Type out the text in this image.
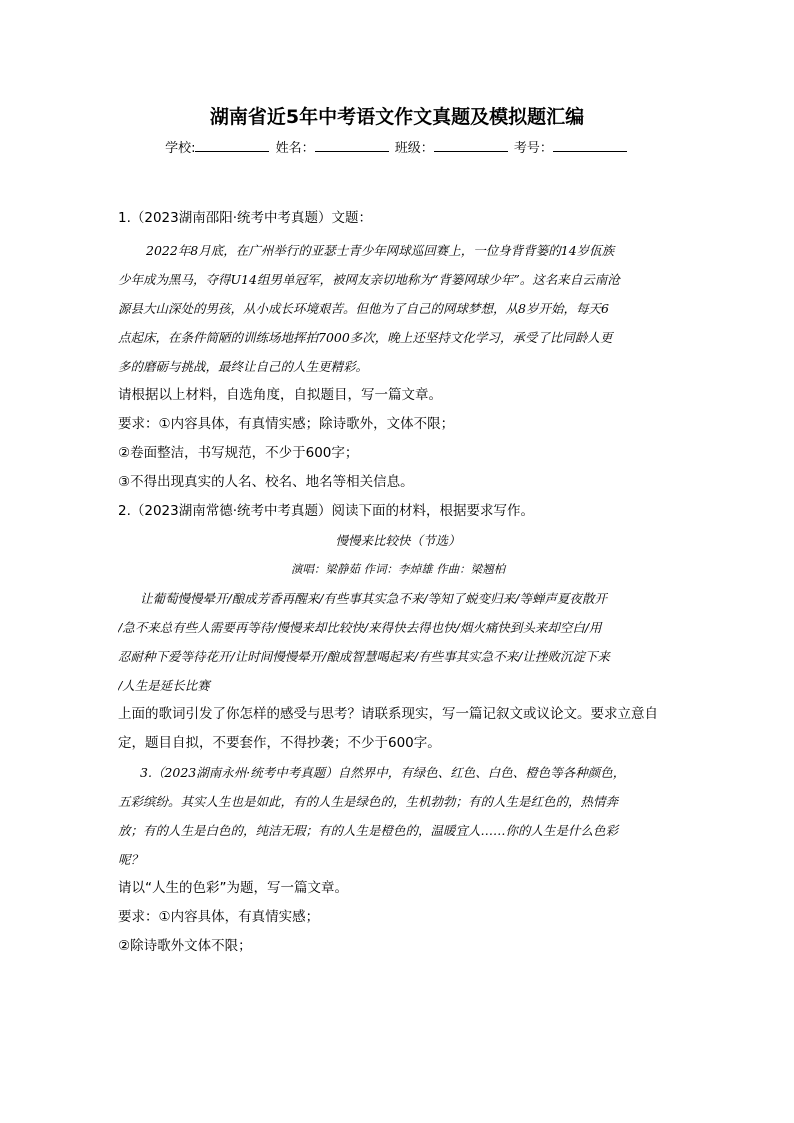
湖南省近5年中考语文作文真题及模拟题汇编
学校:	姓名：	班级：	考号：
1.（2023湖南邵阳·统考中考真题）文题：
2022年8月底，在广州举行的亚瑟士青少年网球巡回赛上，一位身背背篓的14岁佤族
少年成为黑马，夺得U14组男单冠军，被网友亲切地称为“背篓网球少年”。这名来自云南沧
源县大山深处的男孩，从小成长环境艰苦。但他为了自己的网球梦想，从8岁开始，每天6
点起床，在条件简陋的训练场地挥拍7000多次，晚上还坚持文化学习，承受了比同龄人更
多的磨砺与挑战，最终让自己的人生更精彩。
请根据以上材料，自选角度，自拟题目，写一篇文章。
要求：①内容具体，有真情实感；除诗歌外，文体不限；
②卷面整洁，书写规范，不少于600字；
③不得出现真实的人名、校名、地名等相关信息。
2.（2023湖南常德·统考中考真题）阅读下面的材料，根据要求写作。
慢慢来比较快（节选）
演唱：梁静茹 作词：李焯雄 作曲：梁翘柏
让葡萄慢慢晕开/酿成芳香再醒来/有些事其实急不来/等知了蜕变归来/等蝉声夏夜散开
/急不来总有些人需要再等待/慢慢来却比较快/来得快去得也快/烟火痛快到头来却空白/用
忍耐种下爱等待花开/让时间慢慢晕开/酿成智慧喝起来/有些事其实急不来/让挫败沉淀下来
/人生是延长比赛
上面的歌词引发了你怎样的感受与思考？请联系现实，写一篇记叙文或议论文。要求立意自
定，题目自拟，不要套作，不得抄袭；不少于600字。
3.（2023湖南永州·统考中考真题）自然界中，有绿色、红色、白色、橙色等各种颜色，
五彩缤纷。其实人生也是如此，有的人生是绿色的，生机勃勃；有的人生是红色的，热情奔
放；有的人生是白色的，纯洁无瑕；有的人生是橙色的，温暖宜人……你的人生是什么色彩
呢？
请以“人生的色彩”为题，写一篇文章。
要求：①内容具体，有真情实感；
②除诗歌外文体不限；
